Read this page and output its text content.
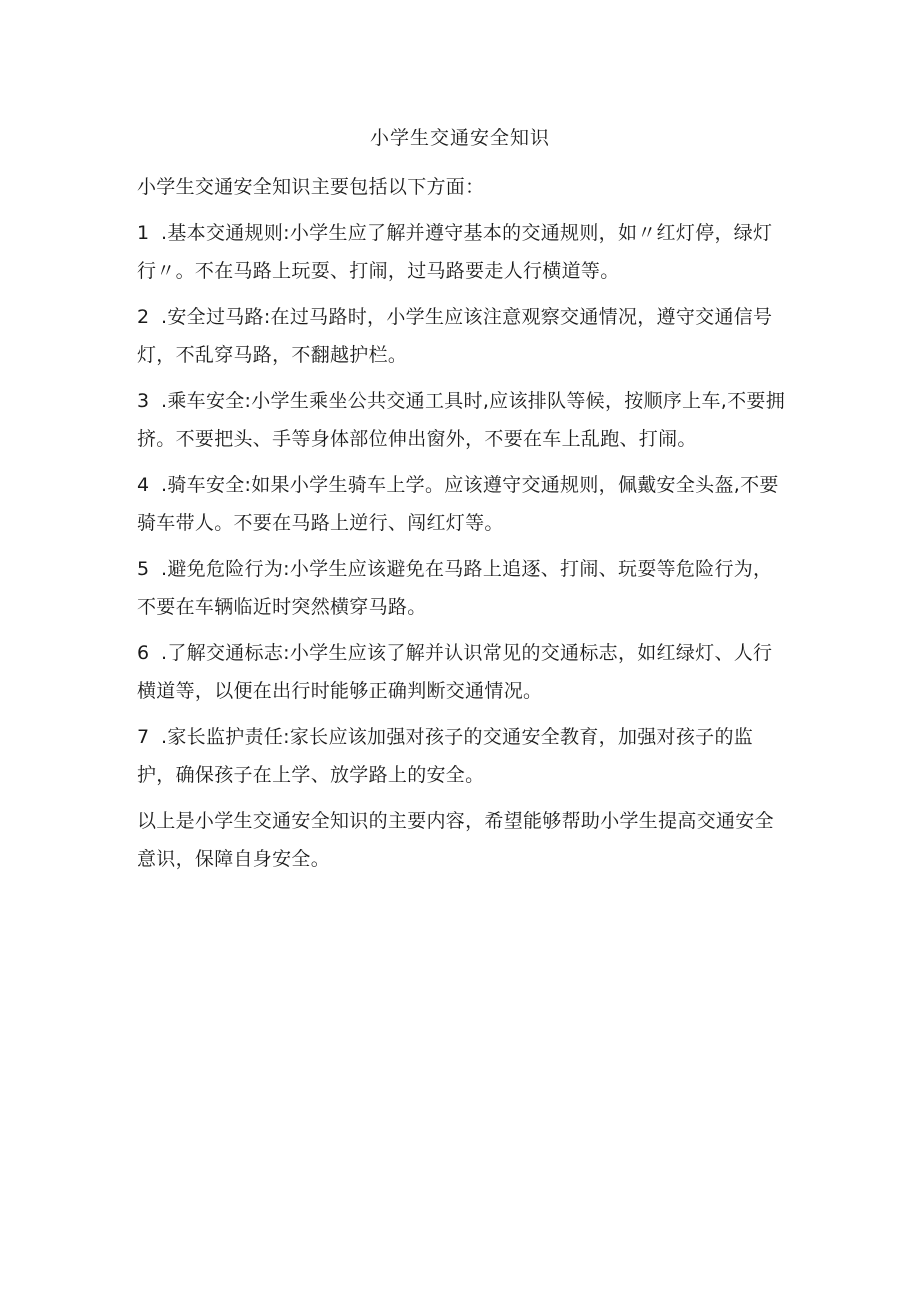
小学生交通安全知识

小学生交通安全知识主要包括以下方面：

1 .基本交通规则:小学生应了解并遵守基本的交通规则，如〃红灯停，绿灯行〃。不在马路上玩耍、打闹，过马路要走人行横道等。

2 .安全过马路:在过马路时，小学生应该注意观察交通情况，遵守交通信号灯，不乱穿马路，不翻越护栏。

3 .乘车安全:小学生乘坐公共交通工具时,应该排队等候，按顺序上车,不要拥挤。不要把头、手等身体部位伸出窗外，不要在车上乱跑、打闹。

4 .骑车安全:如果小学生骑车上学。应该遵守交通规则，佩戴安全头盔,不要骑车带人。不要在马路上逆行、闯红灯等。

5 .避免危险行为:小学生应该避免在马路上追逐、打闹、玩耍等危险行为，不要在车辆临近时突然横穿马路。

6 .了解交通标志:小学生应该了解并认识常见的交通标志，如红绿灯、人行横道等，以便在出行时能够正确判断交通情况。

7 .家长监护责任:家长应该加强对孩子的交通安全教育，加强对孩子的监护，确保孩子在上学、放学路上的安全。

以上是小学生交通安全知识的主要内容，希望能够帮助小学生提高交通安全意识，保障自身安全。
